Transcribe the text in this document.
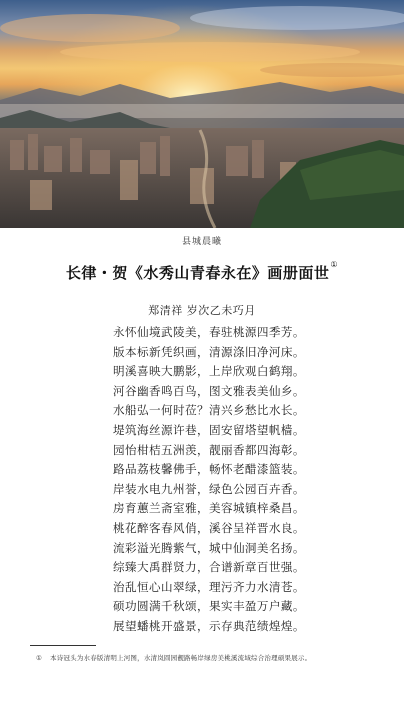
县城晨曦
长律・贺《水秀山青春永在》画册面世①
郑清祥 岁次乙未巧月
永怀仙境武陵美，春驻桃源四季芳。
版本标新凭织画，清源涤旧净河床。
明溪喜映大鹏影，上岸欣观白鹤翔。
河谷幽香鸣百鸟，图文雅表美仙乡。
水船弘一何时莅？清兴乡愁比水长。
堤筑海丝源许巷，固安留塔望帆樯。
园怡柑桔五洲羡，靓丽香都四海彰。
路品荔枝馨佛手，畅怀老醋漆篮装。
岸装水电九州誉，绿色公园百卉香。
房育蕙兰斋室雅，美容城镇梓桑昌。
桃花醉客春风俏，溪谷呈祥晋水良。
流彩溢光腾紫气，城中仙洞美名扬。
综臻大禹群贤力，合谱新章百世强。
治乱恒心山翠绿，理污齐力水清苍。
硕功圆满千秋颂，果实丰盈万户藏。
展望蟠桃开盛景，示存典范绩煌煌。
① 本诗冠头为水春版清明上河图，水清岚圆园靓路畅岸绿房美桃溪流域综合治理硕果展示。
